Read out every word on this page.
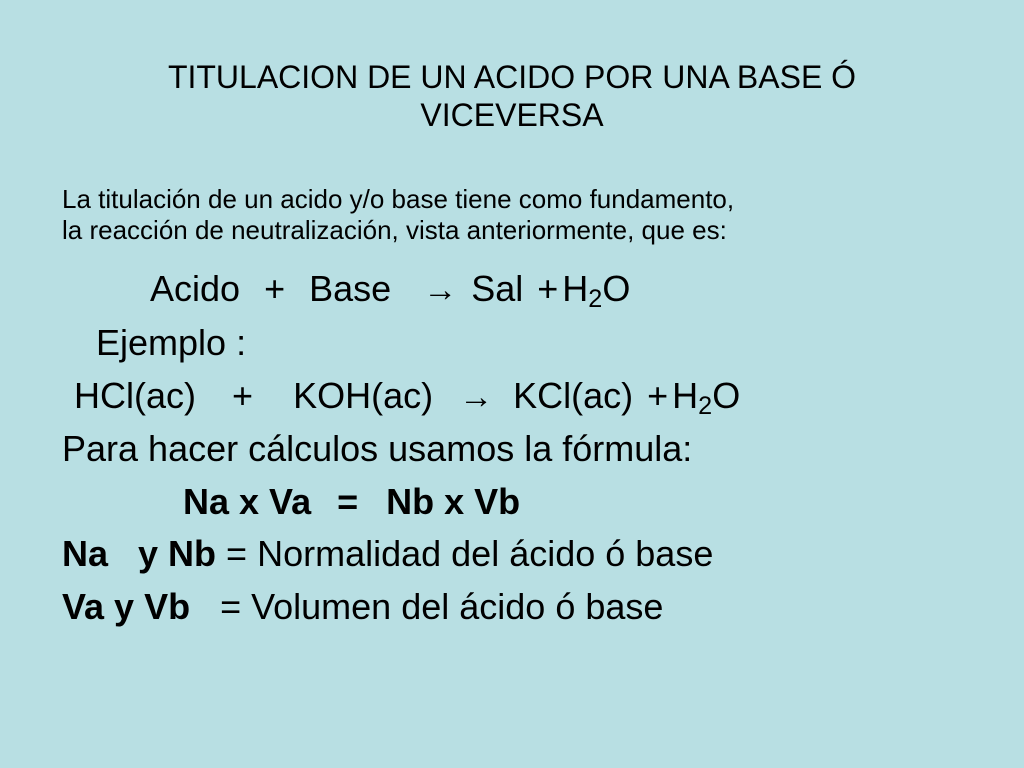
TITULACION DE UN ACIDO POR UNA BASE Ó VICEVERSA
La titulación de un acido y/o base tiene como fundamento,
la reacción de neutralización, vista anteriormente, que es:
Acido + Base → Sal + $H_2O$
Ejemplo :
$HCl(ac) + KOH(ac) \to KCl(ac) + H_2O$
Para hacer cálculos usamos la fórmula:
Na x Va = Nb x Vb
Na   y Nb = Normalidad del ácido ó base
Va y Vb   = Volumen del ácido ó base
